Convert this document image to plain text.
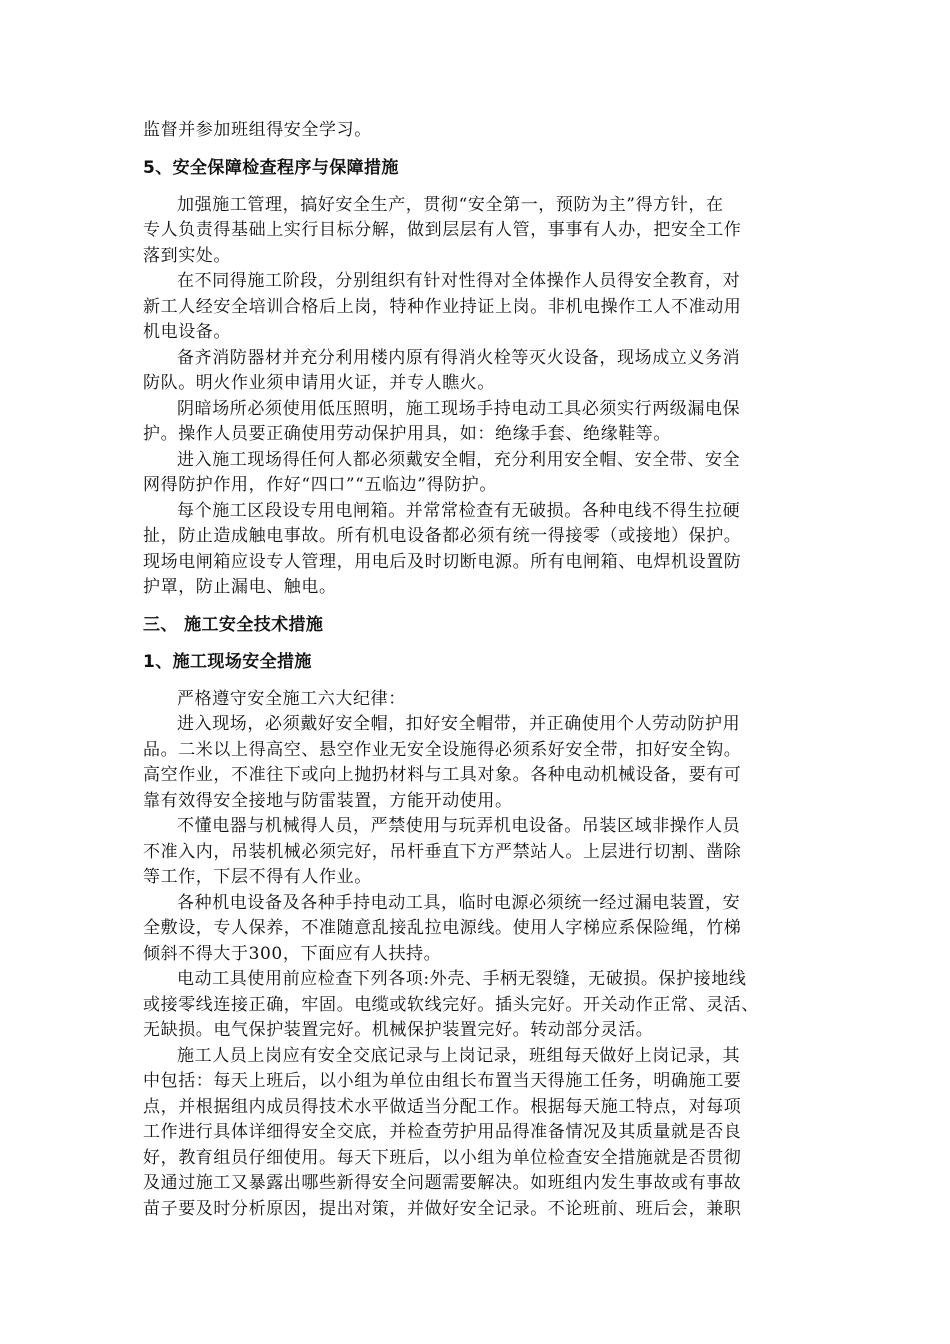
监督并参加班组得安全学习。

5、安全保障检查程序与保障措施

加强施工管理，搞好安全生产，贯彻“安全第一，预防为主”得方针，在
专人负责得基础上实行目标分解，做到层层有人管，事事有人办，把安全工作
落到实处。

在不同得施工阶段，分别组织有针对性得对全体操作人员得安全教育，对
新工人经安全培训合格后上岗，特种作业持证上岗。非机电操作工人不准动用
机电设备。

备齐消防器材并充分利用楼内原有得消火栓等灭火设备，现场成立义务消
防队。明火作业须申请用火证，并专人瞧火。

阴暗场所必须使用低压照明，施工现场手持电动工具必须实行两级漏电保
护。操作人员要正确使用劳动保护用具，如：绝缘手套、绝缘鞋等。

进入施工现场得任何人都必须戴安全帽，充分利用安全帽、安全带、安全
网得防护作用，作好“四口”“五临边”得防护。

每个施工区段设专用电闸箱。并常常检查有无破损。各种电线不得生拉硬
扯，防止造成触电事故。所有机电设备都必须有统一得接零（或接地）保护。
现场电闸箱应设专人管理，用电后及时切断电源。所有电闸箱、电焊机设置防
护罩，防止漏电、触电。

三、 施工安全技术措施
1、施工现场安全措施

严格遵守安全施工六大纪律：

进入现场，必须戴好安全帽，扣好安全帽带，并正确使用个人劳动防护用
品。二米以上得高空、悬空作业无安全设施得必须系好安全带，扣好安全钩。
高空作业，不准往下或向上抛扔材料与工具对象。各种电动机械设备，要有可
靠有效得安全接地与防雷装置，方能开动使用。

不懂电器与机械得人员，严禁使用与玩弄机电设备。吊装区域非操作人员
不准入内，吊装机械必须完好，吊杆垂直下方严禁站人。上层进行切割、凿除
等工作，下层不得有人作业。

各种机电设备及各种手持电动工具，临时电源必须统一经过漏电装置，安
全敷设，专人保养，不准随意乱接乱拉电源线。使用人字梯应系保险绳，竹梯
倾斜不得大于300，下面应有人扶持。

电动工具使用前应检查下列各项:外壳、手柄无裂缝，无破损。保护接地线
或接零线连接正确，牢固。电缆或软线完好。插头完好。开关动作正常、灵活、
无缺损。电气保护装置完好。机械保护装置完好。转动部分灵活。

施工人员上岗应有安全交底记录与上岗记录，班组每天做好上岗记录，其
中包括：每天上班后，以小组为单位由组长布置当天得施工任务，明确施工要
点，并根据组内成员得技术水平做适当分配工作。根据每天施工特点，对每项
工作进行具体详细得安全交底，并检查劳护用品得准备情况及其质量就是否良
好，教育组员仔细使用。每天下班后，以小组为单位检查安全措施就是否贯彻
及通过施工又暴露出哪些新得安全问题需要解决。如班组内发生事故或有事故
苗子要及时分析原因，提出对策，并做好安全记录。不论班前、班后会，兼职
